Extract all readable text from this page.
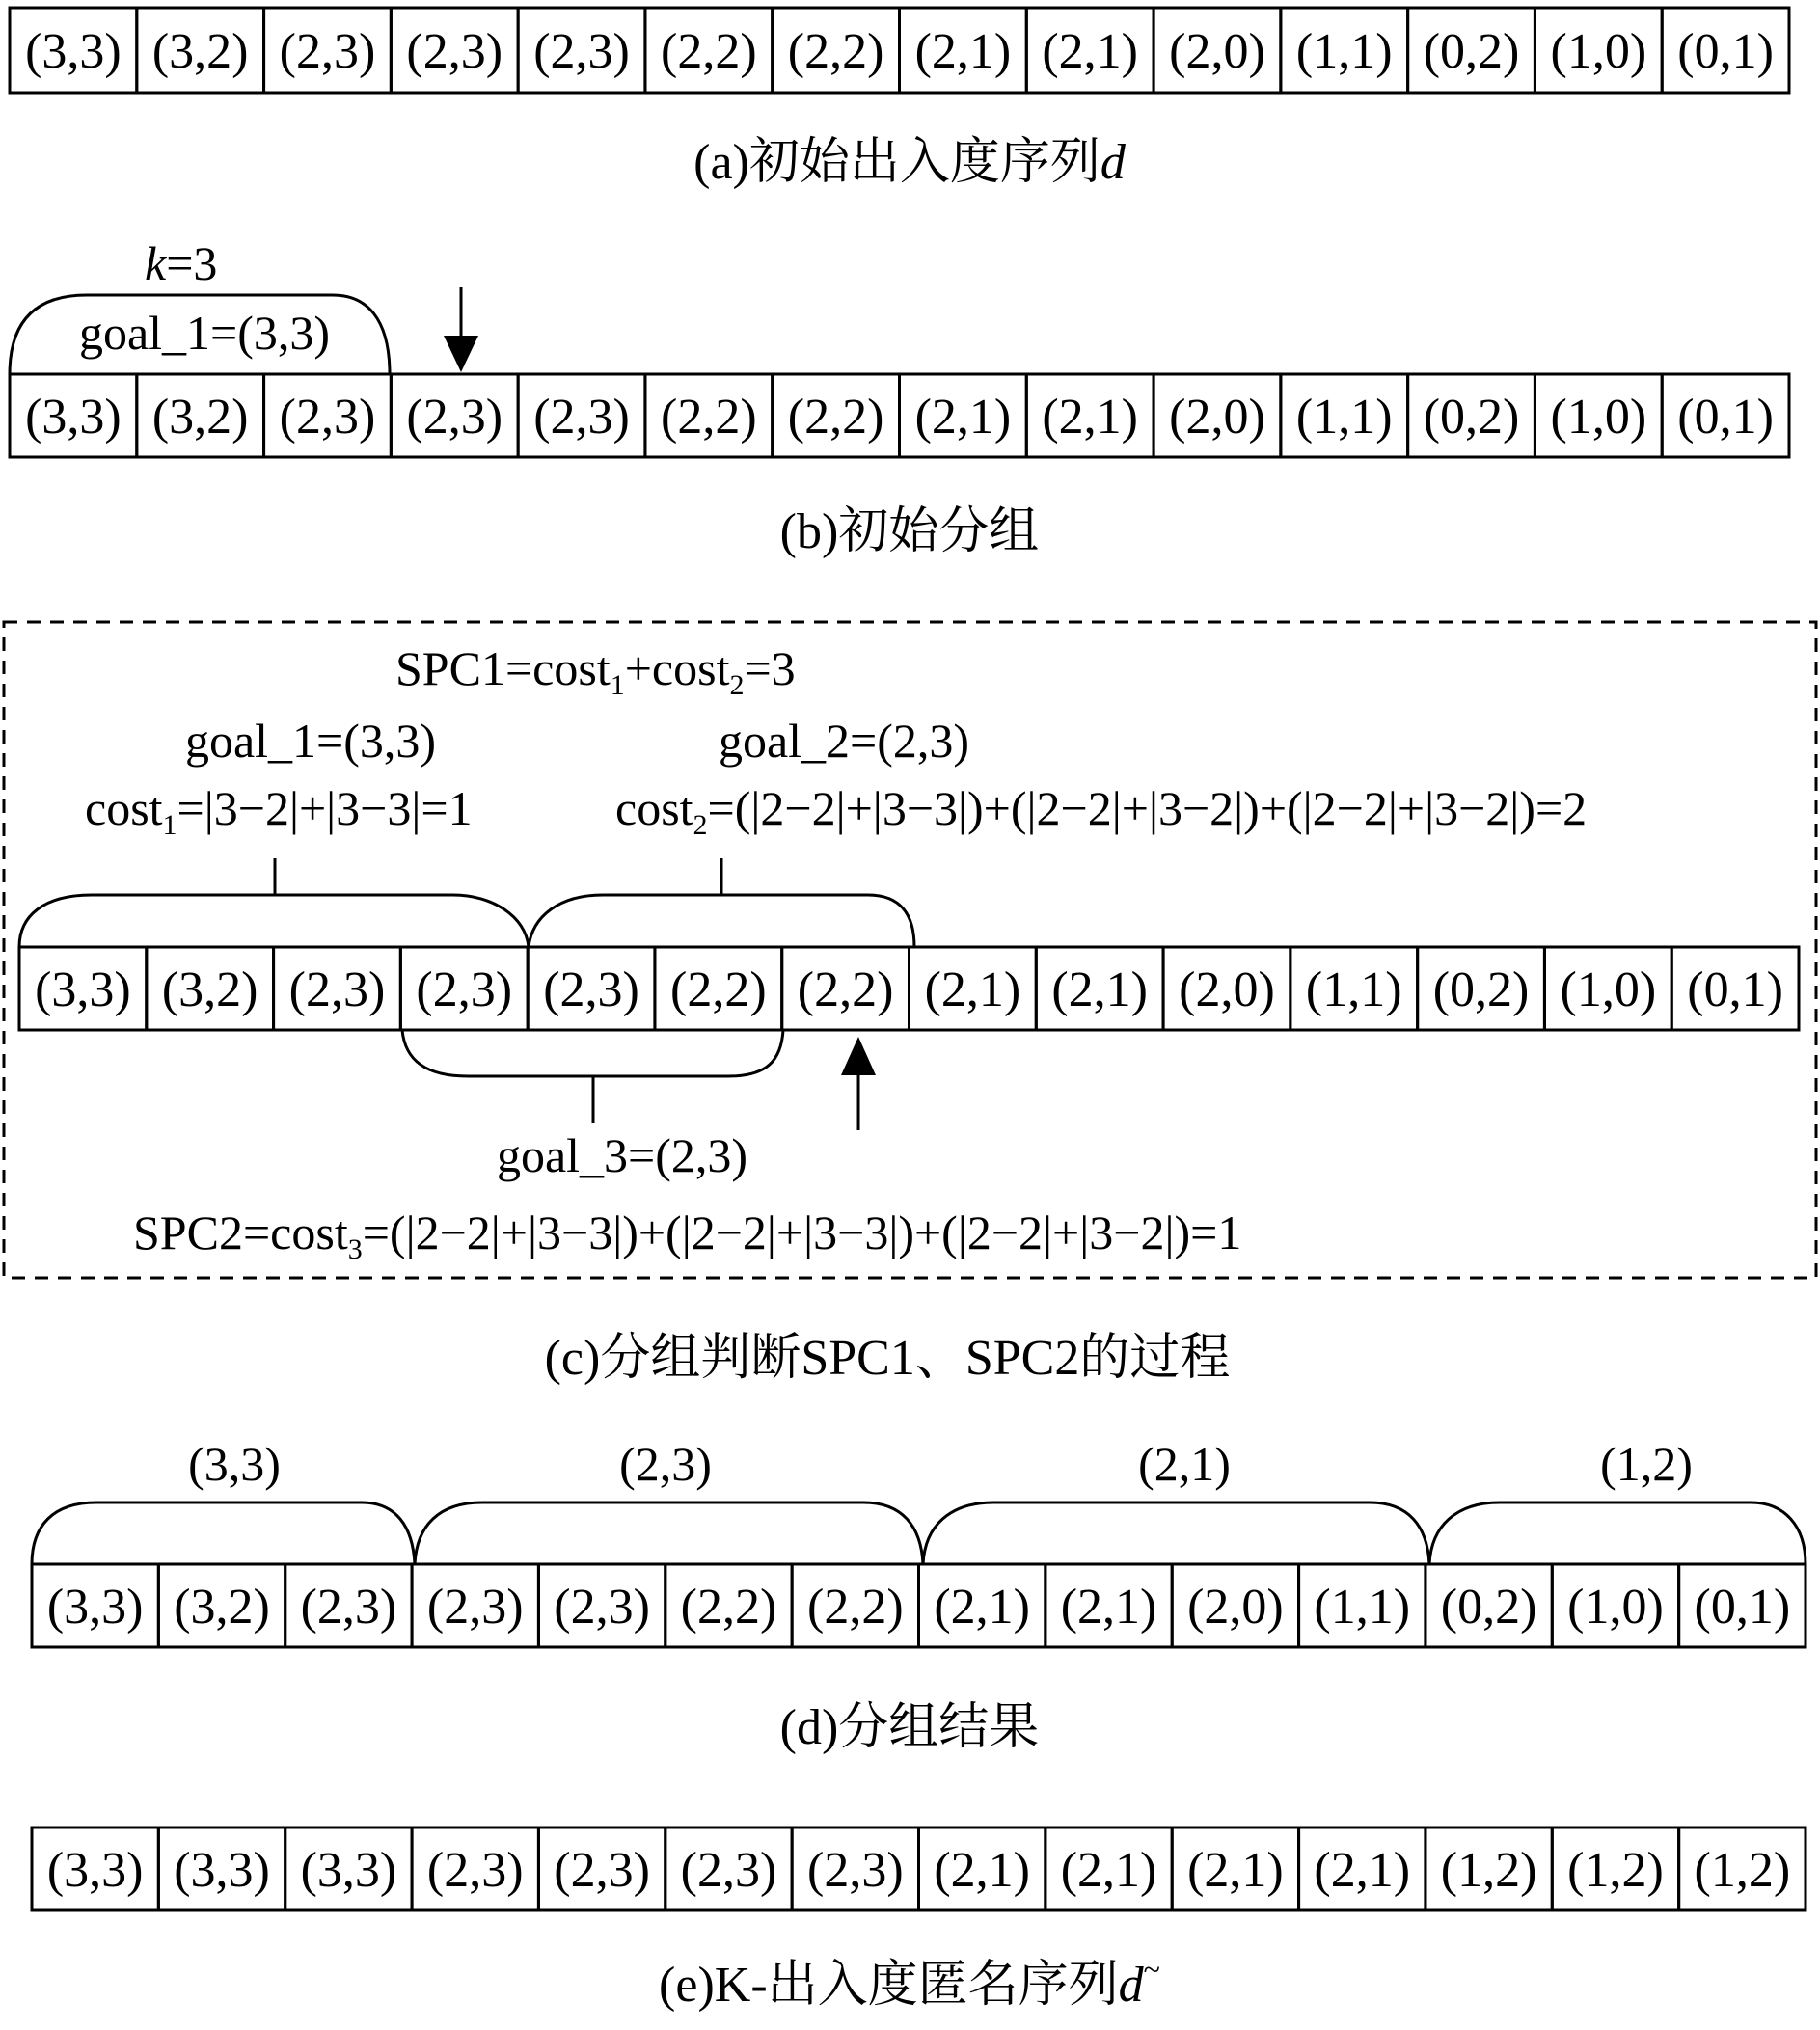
(3,3) (3,2) (2,3) (2,3) (2,3) (2,2) (2,2) (2,1) (2,1) (2,0) (1,1) (0,2) (1,0) (0,1)
(a)初始出入度序列d
k=3
goal_1=(3,3)
(3,3) (3,2) (2,3) (2,3) (2,3) (2,2) (2,2) (2,1) (2,1) (2,0) (1,1) (0,2) (1,0) (0,1)
(b)初始分组
SPC1=cost$_1$+cost$_2$=3
goal_1=(3,3)
cost$_1$=|3−2|+|3−3|=1
goal_2=(2,3)
cost$_2$=(|2−2|+|3−3|)+(|2−2|+|3−2|)+(|2−2|+|3−2|)=2
(3,3) (3,2) (2,3) (2,3) (2,3) (2,2) (2,2) (2,1) (2,1) (2,0) (1,1) (0,2) (1,0) (0,1)
goal_3=(2,3)
SPC2=cost$_3$=(|2−2|+|3−3|)+(|2−2|+|3−3|)+(|2−2|+|3−2|)=1
(c)分组判断SPC1、SPC2的过程
(3,3)	(2,3)	(2,1)	(1,2)
(3,3) (3,2) (2,3) (2,3) (2,3) (2,2) (2,2) (2,1) (2,1) (2,0) (1,1) (0,2) (1,0) (0,1)
(d)分组结果
(3,3) (3,3) (3,3) (2,3) (2,3) (2,3) (2,3) (2,1) (2,1) (2,1) (2,1) (1,2) (1,2) (1,2)
(e)K-出入度匿名序列d~
